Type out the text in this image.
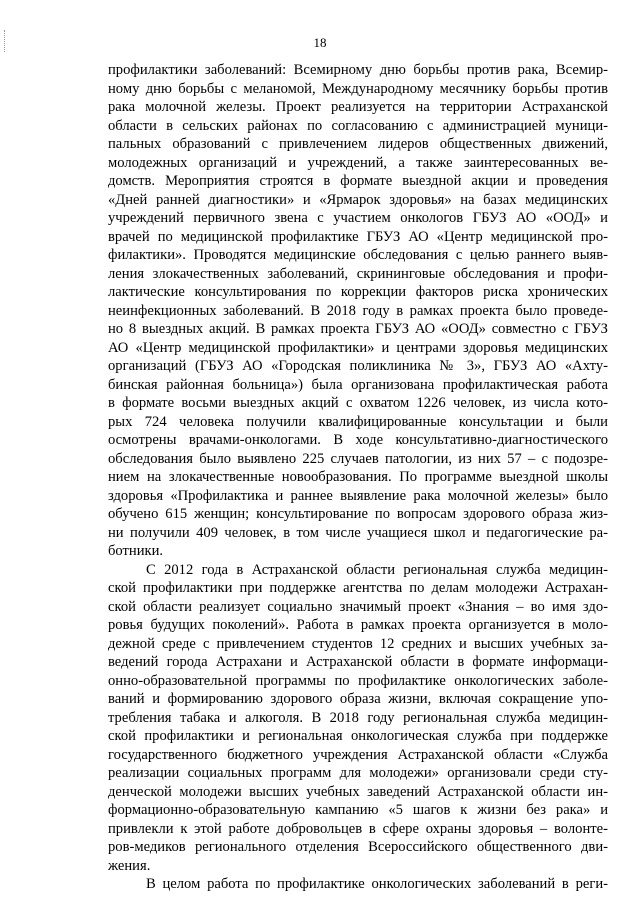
18
профилактики заболеваний: Всемирному дню борьбы против рака, Всемир-
ному дню борьбы с меланомой, Международному месячнику борьбы против
рака молочной железы. Проект реализуется на территории Астраханской
области в сельских районах по согласованию с администрацией муници-
пальных образований с привлечением лидеров общественных движений,
молодежных организаций и учреждений, а также заинтересованных ве-
домств. Мероприятия строятся в формате выездной акции и проведения
«Дней ранней диагностики» и «Ярмарок здоровья» на базах медицинских
учреждений первичного звена с участием онкологов ГБУЗ АО «ООД» и
врачей по медицинской профилактике ГБУЗ АО «Центр медицинской про-
филактики». Проводятся медицинские обследования с целью раннего выяв-
ления злокачественных заболеваний, скрининговые обследования и профи-
лактические консультирования по коррекции факторов риска хронических
неинфекционных заболеваний. В 2018 году в рамках проекта было проведе-
но 8 выездных акций. В рамках проекта ГБУЗ АО «ООД» совместно с ГБУЗ
АО «Центр медицинской профилактики» и центрами здоровья медицинских
организаций (ГБУЗ АО «Городская поликлиника № 3», ГБУЗ АО «Ахту-
бинская районная больница») была организована профилактическая работа
в формате восьми выездных акций с охватом 1226 человек, из числа кото-
рых 724 человека получили квалифицированные консультации и были
осмотрены врачами-онкологами. В ходе консультативно-диагностического
обследования было выявлено 225 случаев патологии, из них 57 – с подозре-
нием на злокачественные новообразования. По программе выездной школы
здоровья «Профилактика и раннее выявление рака молочной железы» было
обучено 615 женщин; консультирование по вопросам здорового образа жиз-
ни получили 409 человек, в том числе учащиеся школ и педагогические ра-
ботники.
С 2012 года в Астраханской области региональная служба медицин-
ской профилактики при поддержке агентства по делам молодежи Астрахан-
ской области реализует социально значимый проект «Знания – во имя здо-
ровья будущих поколений». Работа в рамках проекта организуется в моло-
дежной среде с привлечением студентов 12 средних и высших учебных за-
ведений города Астрахани и Астраханской области в формате информаци-
онно-образовательной программы по профилактике онкологических заболе-
ваний и формированию здорового образа жизни, включая сокращение упо-
требления табака и алкоголя. В 2018 году региональная служба медицин-
ской профилактики и региональная онкологическая служба при поддержке
государственного бюджетного учреждения Астраханской области «Служба
реализации социальных программ для молодежи» организовали среди сту-
денческой молодежи высших учебных заведений Астраханской области ин-
формационно-образовательную кампанию «5 шагов к жизни без рака» и
привлекли к этой работе добровольцев в сфере охраны здоровья – волонте-
ров-медиков регионального отделения Всероссийского общественного дви-
жения.
В целом работа по профилактике онкологических заболеваний в реги-
